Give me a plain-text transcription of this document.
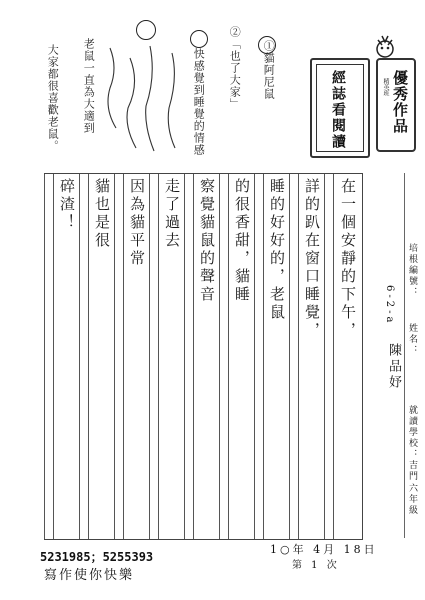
①貓阿尼鼠
②「也了大家」
快感覺到睡覺的情感
老鼠一直為大適到
大家都很喜歡老鼠。	經誌看閱讀	精英班 優秀作品
在一個安靜的下午，
詳的趴在窗口睡覺，
睡的好好的，老鼠
的很香甜，貓睡
察覺貓鼠的聲音
走了過去
因為貓平常
貓也是很
碎渣！
培根編號：
6-2-a
姓名：
陳品妤
就讀學校：吉門
六年級
5231985；5255393
寫作使你快樂
1○年 4月 18日
第 1 次
